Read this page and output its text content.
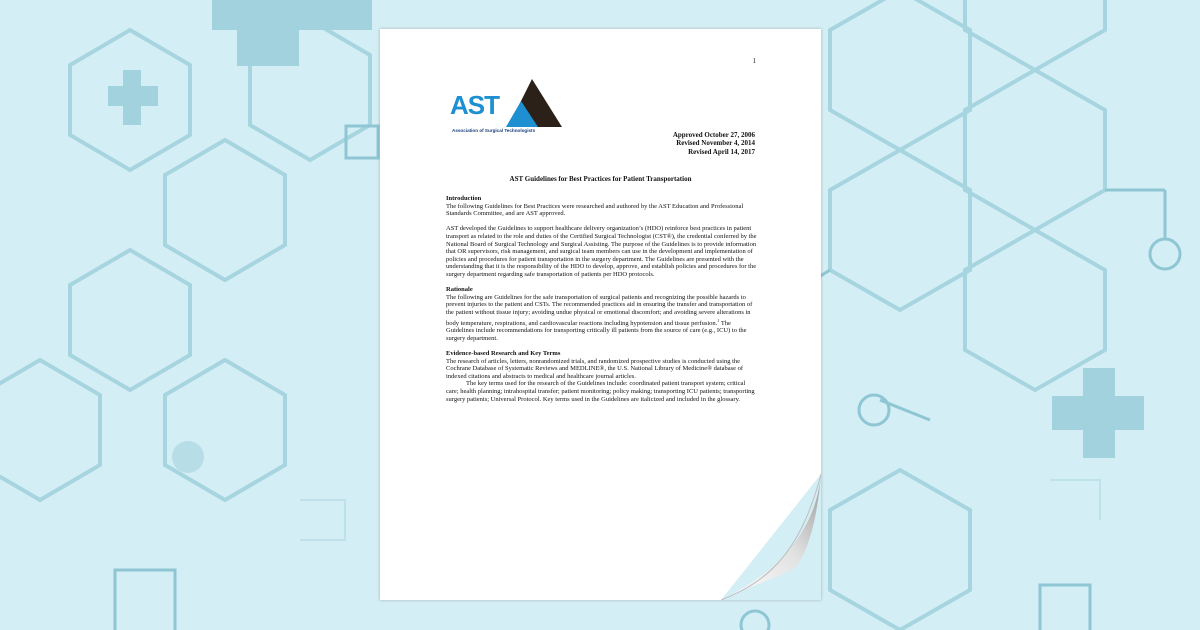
1
AST
Association of Surgical Technologists
Approved October 27, 2006
Revised November 4, 2014
Revised April 14, 2017
AST Guidelines for Best Practices for Patient Transportation
Introduction

The following Guidelines for Best Practices were researched and authored by the AST Education and Professional Standards Committee, and are AST approved.

AST developed the Guidelines to support healthcare delivery organization’s (HDO) reinforce best practices in patient transport as related to the role and duties of the Certified Surgical Technologist (CST®), the credential conferred by the National Board of Surgical Technology and Surgical Assisting. The purpose of the Guidelines is to provide information that OR supervisors, risk management, and surgical team members can use in the development and implementation of policies and procedures for patient transportation in the surgery department. The Guidelines are presented with the understanding that it is the responsibility of the HDO to develop, approve, and establish policies and procedures for the surgery department regarding safe transportation of patients per HDO protocols.

Rationale

The following are Guidelines for the safe transportation of surgical patients and recognizing the possible hazards to prevent injuries to the patient and CSTs. The recommended practices aid in ensuring the transfer and transportation of the patient without tissue injury; avoiding undue physical or emotional discomfort; and avoiding severe alterations in body temperature, respirations, and cardiovascular reactions including hypotension and tissue perfusion.$^1$ The Guidelines include recommendations for transporting critically ill patients from the source of care (e.g., ICU) to the surgery department.

Evidence-based Research and Key Terms

The research of articles, letters, nonrandomized trials, and randomized prospective studies is conducted using the Cochrane Database of Systematic Reviews and MEDLINE®, the U.S. National Library of Medicine® database of indexed citations and abstracts to medical and healthcare journal articles.

The key terms used for the research of the Guidelines include: coordinated patient transport system; critical care; health planning; intrahospital transfer; patient monitoring; policy making; transporting ICU patients; transporting surgery patients; Universal Protocol. Key terms used in the Guidelines are italicized and included in the glossary.
